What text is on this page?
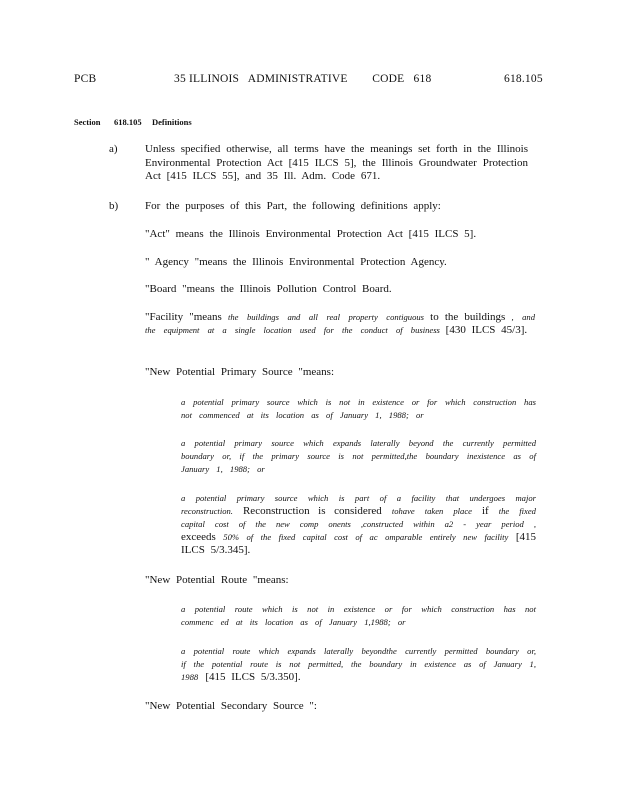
PCB	35 ILLINOIS   ADMINISTRATIVE        CODE   618	618.105
Section 618.105 Definitions
a) Unless specified otherwise, all terms have the meanings set forth in the Illinois Environmental Protection Act [415 ILCS 5], the Illinois Groundwater Protection Act [415 ILCS 55], and 35 Ill. Adm. Code 671.
b) For the purposes of this Part, the following definitions apply:
"Act" means the Illinois Environmental Protection Act [415 ILCS 5].
" Agency "means the Illinois Environmental Protection Agency.
"Board "means the Illinois Pollution Control Board.
"Facility "means the buildings and all real property contiguous to the buildings , and the equipment at a single location used for the conduct of business [430 ILCS 45/3].
"New Potential Primary Source "means:
a potential primary source which is not in existence or for which construction has not commenced at its location as of January 1, 1988; or
a potential primary source which expands laterally beyond the currently permitted boundary or, if the primary source is not permitted,the boundary inexistence as of January 1, 1988; or
a potential primary source which is part of a facility that undergoes major reconstruction. Reconstruction is considered tohave taken place if the fixed capital cost of the new comp onents ,constructed within a2 - year period , exceeds 50% of the fixed capital cost of ac omparable entirely new facility [415 ILCS 5/3.345].
"New Potential Route "means:
a potential route which is not in existence or for which construction has not commenc ed at its location as of January 1,1988; or
a potential route which expands laterally beyondthe currently permitted boundary or, if the potential route is not permitted, the boundary in existence as of January 1, 1988 [415 ILCS 5/3.350].
"New Potential Secondary Source ":
